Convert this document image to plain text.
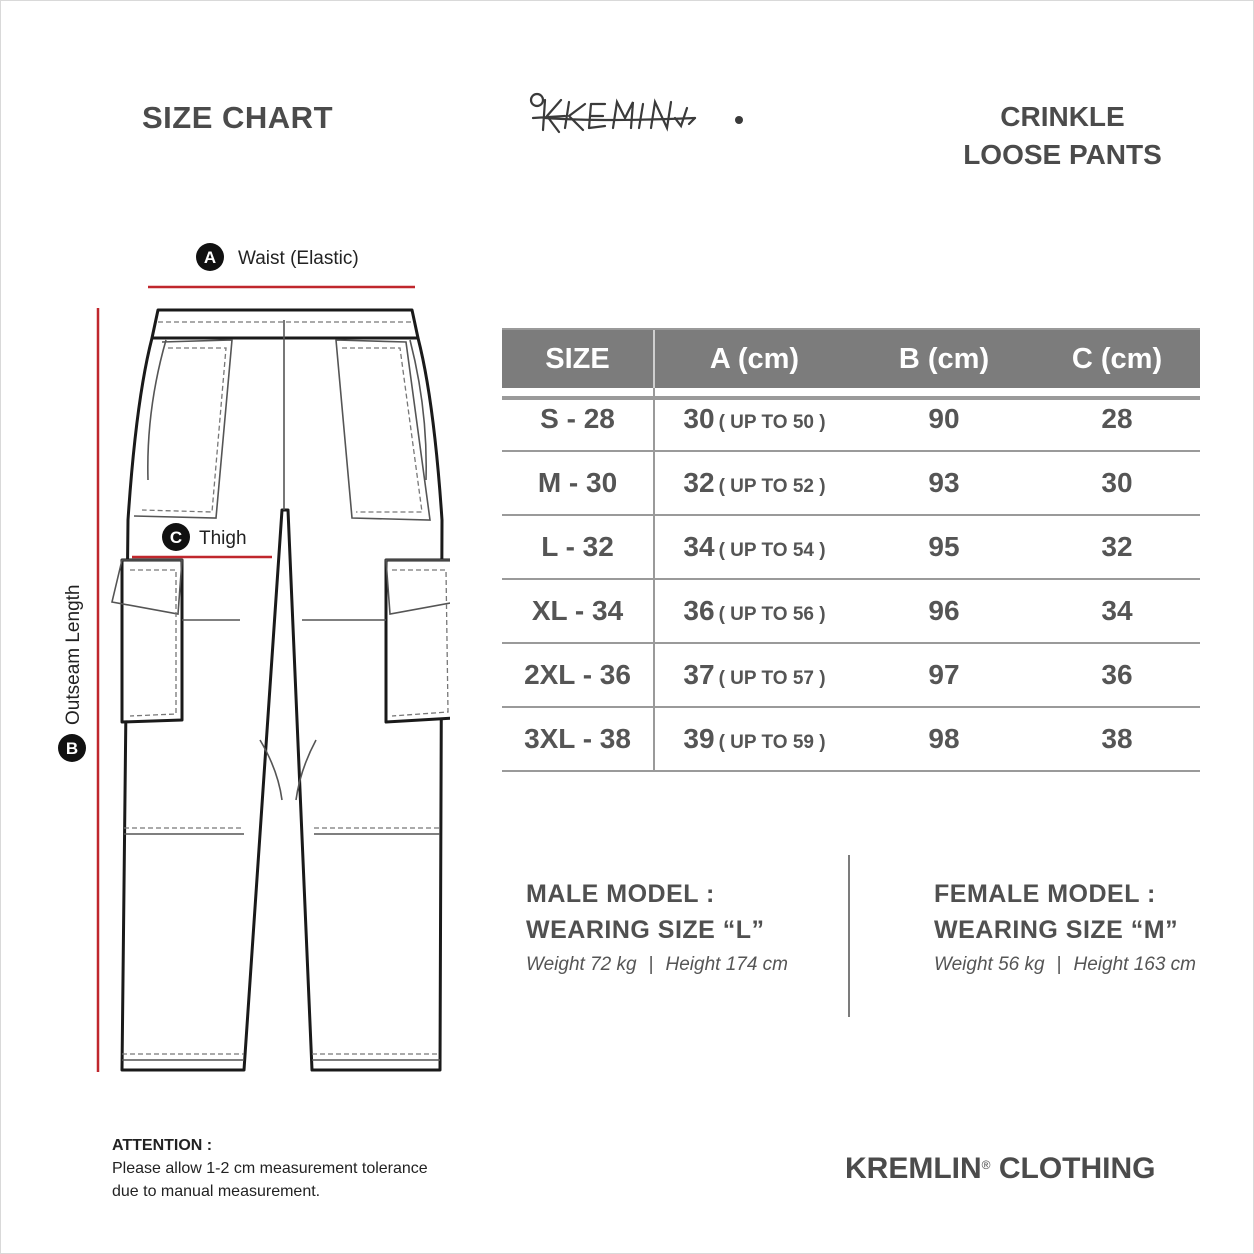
SIZE CHART	CRINKLE
LOOSE PANTS
A Waist (Elastic)
B
Outseam Length
C Thigh
SIZE	A (cm)	B (cm)	C (cm)
S - 28	30 ( UP TO 50 )	90	28
M - 30	32 ( UP TO 52 )	93	30
L - 32	34 ( UP TO 54 )	95	32
XL - 34	36 ( UP TO 56 )	96	34
2XL - 36	37 ( UP TO 57 )	97	36
3XL - 38	39 ( UP TO 59 )	98	38
MALE MODEL :
WEARING SIZE “L”
Weight 72 kg | Height 174 cm
FEMALE MODEL :
WEARING SIZE “M”
Weight 56 kg | Height 163 cm
ATTENTION :
Please allow 1-2 cm measurement tolerance
due to manual measurement.
KREMLIN® CLOTHING
